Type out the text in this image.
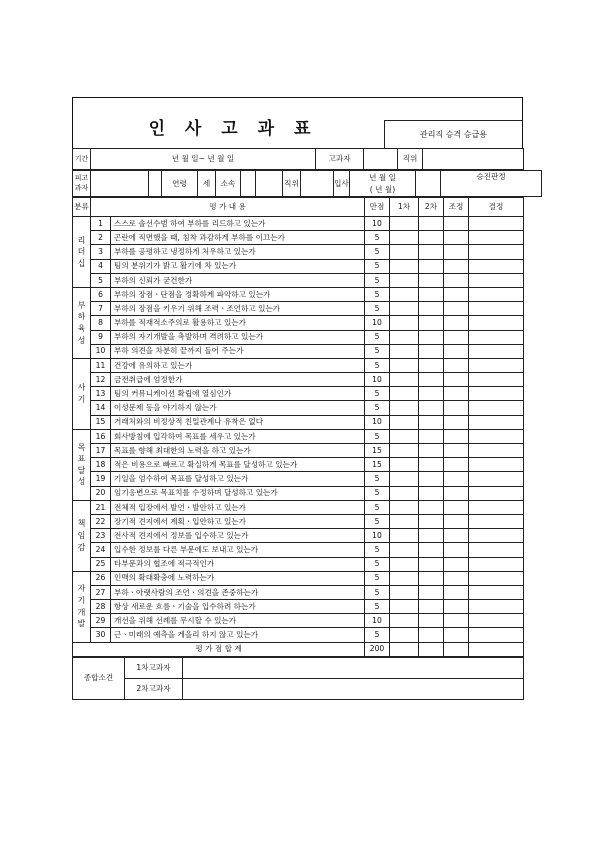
인 사 고 과 표	관리직 승격 승급용
기간	년 월 일~ 년 월 일	고과자		직위	
피고과자			연령	세	소속			직위		입사	년 월 일
( 년 월)		승진판정
분류	평 가 내 용		만점	1차	2차	조정	결정
리
더
십	1	스스로 솔선수범 하여 부하를 리드하고 있는가	10				
	2	곤란에 직면했을 때, 침착 과감하게 부하를 이끄는가	5				
	3	부하를 공평하고 냉정하게 처우하고 있는가	5				
	4	팀의 분위기가 밝고 활기에 차 있는가	5				
	5	부하의 신뢰가 굳건한가	5				
부
하
육
성	6	부하의 장점ㆍ단점을 정확하게 파악하고 있는가	5				
	7	부하의 장점을 키우기 위해 조력ㆍ조언하고 있는가	5				
	8	부하를 적재적소주의로 활용하고 있는가	10				
	9	부하의 자기개발을 촉발하며 격려하고 있는가	5				
	10	부하 의견을 차분히 끝까지 들어 주는가	5				
사
기	11	건강에 유의하고 있는가	5				
	12	금전취급에 엄정한가	10				
	13	팀의 커뮤니케이션 확립에 열심인가	5				
	14	이성문제 등을 야기하지 않는가	5				
	15	거래처와의 비정상적 친밀관계나 유착은 없다	10				
목
표
달
성	16	회사방침에 입각하여 목표를 세우고 있는가	5				
	17	목표를 향해 최대한의 노력을 하고 있는가	15				
	18	적은 비용으로 빠르고 확실하게 목표를 달성하고 있는가	15				
	19	기일을 엄수하여 목표를 달성하고 있는가	5				
	20	임기응변으로 목표치를 수정하며 달성하고 있는가	5				
책
임
감	21	전체적 입장에서 발언ㆍ발안하고 있는가	5				
	22	장기적 견지에서 계획ㆍ입안하고 있는가	5				
	23	전사적 견지에서 정보를 입수하고 있는가	10				
	24	입수한 정보를 다른 부문에도 보내고 있는가	5				
	25	타부문과의 협조에 적극적인가	5				
자
기
개
발	26	인맥의 확대확충에 노력하는가	5				
	27	부하ㆍ아랫사람의 조언ㆍ의견을 존중하는가	5				
	28	항상 새로운 흐름ㆍ기술을 입수하려 하는가	5				
	29	개선을 위해 선례를 무시할 수 있는가	10				
	30	근ㆍ미래의 예측을 게을리 하지 않고 있는가	5				
평 가 점 합 계			200				
종합소견	1차고과자	
	2차고과자	
